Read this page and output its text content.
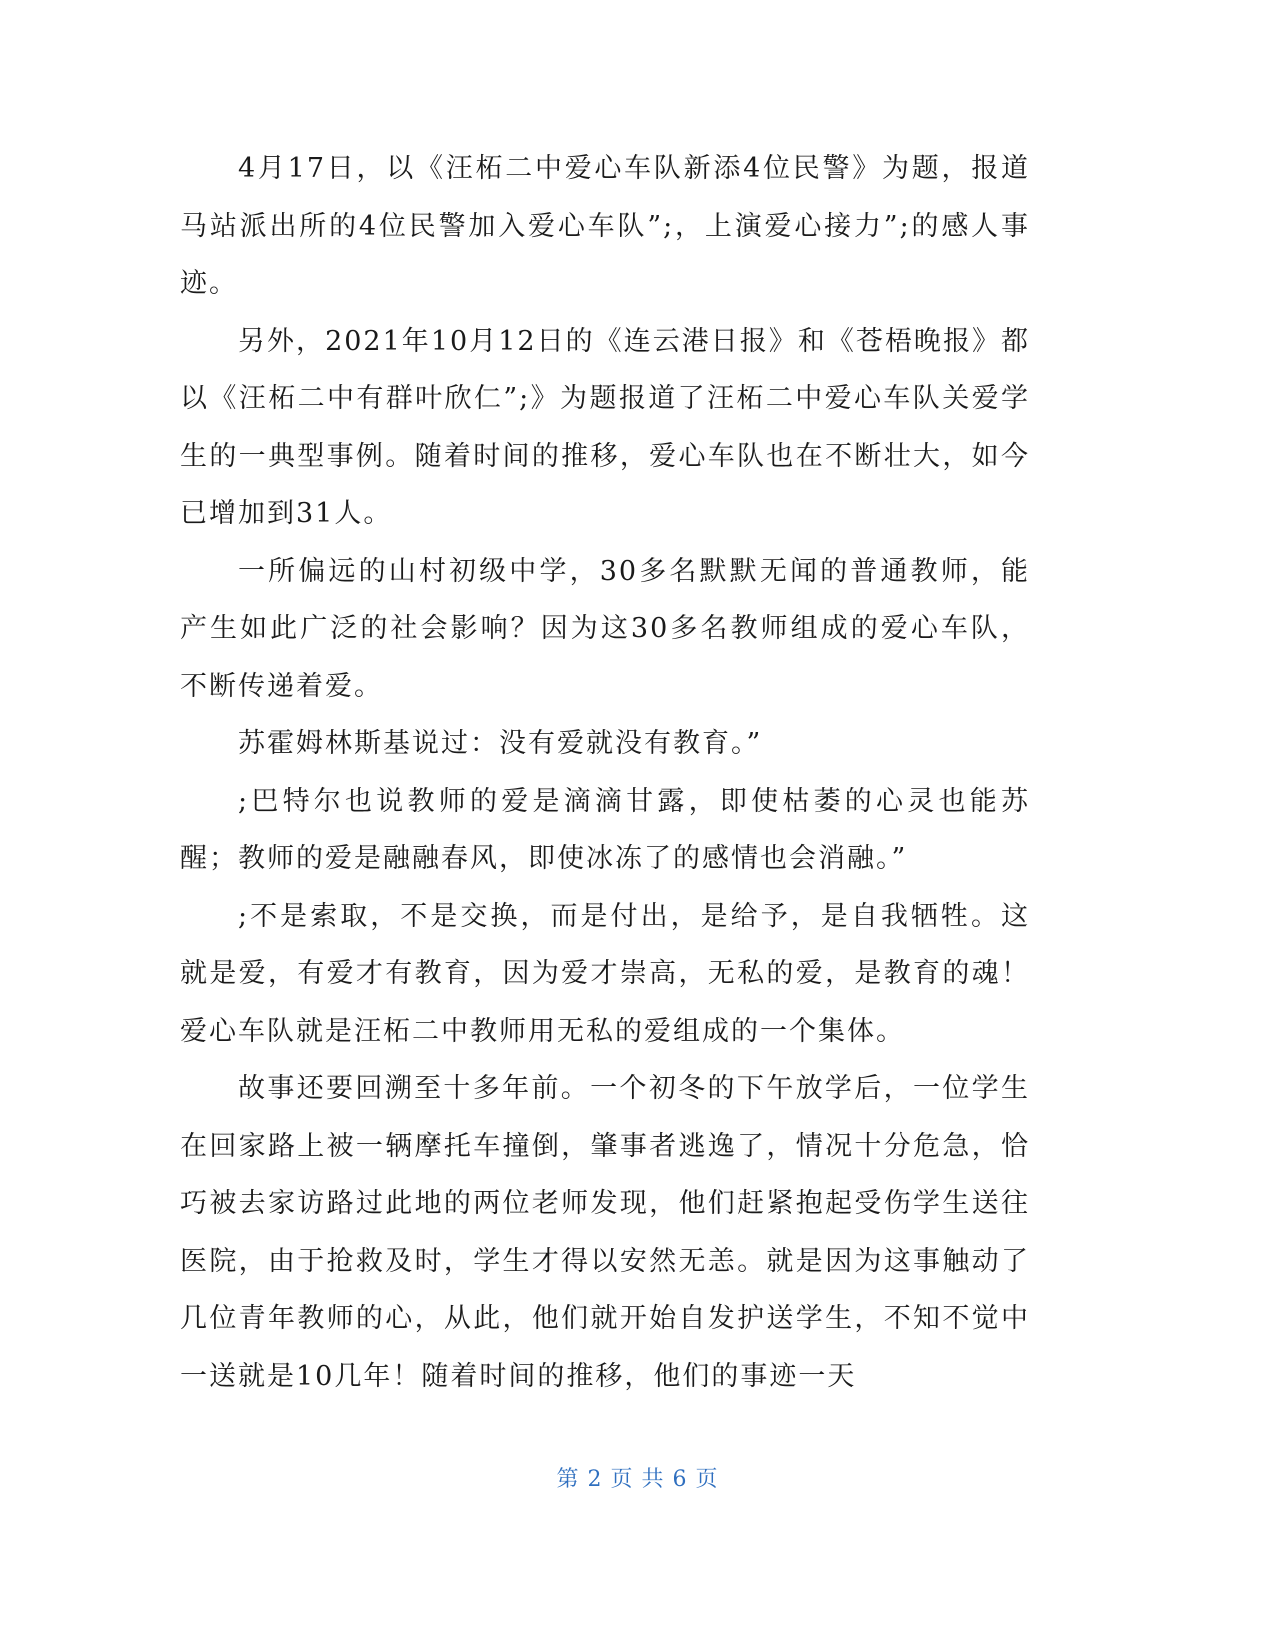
4月17日，以《汪柘二中爱心车队新添4位民警》为题，报道马站派出所的4位民警加入爱心车队”;，上演爱心接力”;的感人事迹。

另外，2021年10月12日的《连云港日报》和《苍梧晚报》都以《汪柘二中有群叶欣仁”;》为题报道了汪柘二中爱心车队关爱学生的一典型事例。随着时间的推移，爱心车队也在不断壮大，如今已增加到31人。

一所偏远的山村初级中学，30多名默默无闻的普通教师，能产生如此广泛的社会影响？因为这30多名教师组成的爱心车队，不断传递着爱。

苏霍姆林斯基说过：没有爱就没有教育。”

;巴特尔也说教师的爱是滴滴甘露，即使枯萎的心灵也能苏醒；教师的爱是融融春风，即使冰冻了的感情也会消融。”

;不是索取，不是交换，而是付出，是给予，是自我牺牲。这就是爱，有爱才有教育，因为爱才崇高，无私的爱，是教育的魂！爱心车队就是汪柘二中教师用无私的爱组成的一个集体。

故事还要回溯至十多年前。一个初冬的下午放学后，一位学生在回家路上被一辆摩托车撞倒，肇事者逃逸了，情况十分危急，恰巧被去家访路过此地的两位老师发现，他们赶紧抱起受伤学生送往医院，由于抢救及时，学生才得以安然无恙。就是因为这事触动了几位青年教师的心，从此，他们就开始自发护送学生，不知不觉中一送就是10几年！随着时间的推移，他们的事迹一天

第 2 页 共 6 页
